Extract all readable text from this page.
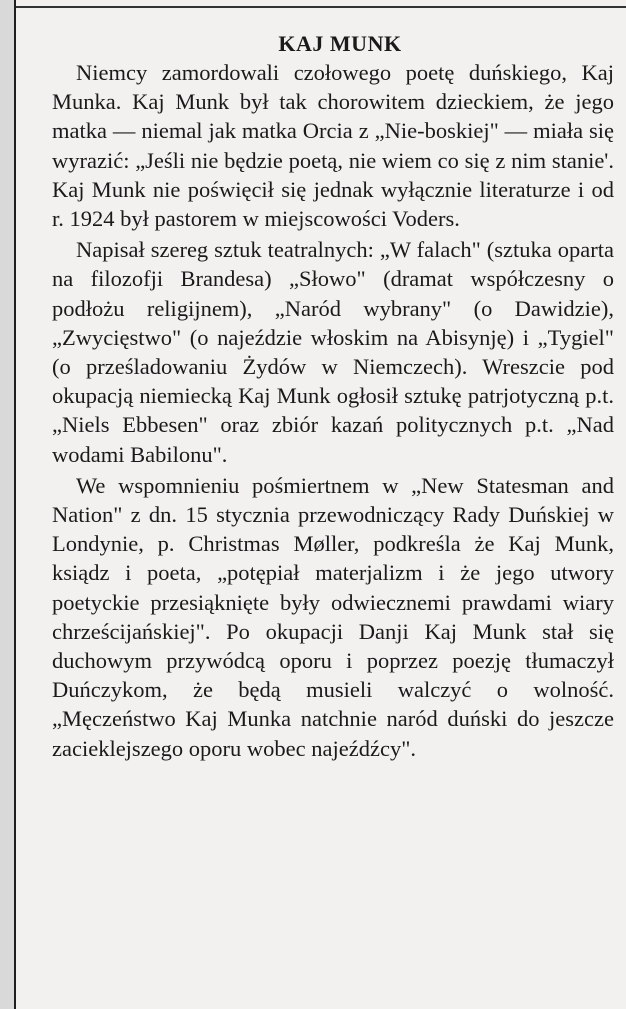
KAJ MUNK

Niemcy zamordowali czołowego poetę duńskiego, Kaj Munka. Kaj Munk był tak chorowitem dzieckiem, że jego matka — niemal jak matka Orcia z „Nie-boskiej" — miała się wyrazić: „Jeśli nie będzie poetą, nie wiem co się z nim stanie'. Kaj Munk nie poświęcił się jednak wyłącznie literaturze i od r. 1924 był pastorem w miejscowości Voders.

Napisał szereg sztuk teatralnych: „W falach" (sztuka oparta na filozofji Brandesa) „Słowo" (dramat współczesny o podłożu religijnem), „Naród wybrany" (o Dawidzie), „Zwycięstwo" (o najeździe włoskim na Abisynję) i „Tygiel" (o prześladowaniu Żydów w Niemczech). Wreszcie pod okupacją niemiecką Kaj Munk ogłosił sztukę patrjotyczną p.t. „Niels Ebbesen" oraz zbiór kazań politycznych p.t. „Nad wodami Babilonu".

We wspomnieniu pośmiertnem w „New Statesman and Nation" z dn. 15 stycznia przewodniczący Rady Duńskiej w Londynie, p. Christmas Møller, podkreśla że Kaj Munk, ksiądz i poeta, „potępiał materjalizm i że jego utwory poetyckie przesiąknięte były odwiecznemi prawdami wiary chrześcijańskiej". Po okupacji Danji Kaj Munk stał się duchowym przywódcą oporu i poprzez poezję tłumaczył Duńczykom, że będą musieli walczyć o wolność. „Męczeństwo Kaj Munka natchnie naród duński do jeszcze zacieklejszego oporu wobec najeźdźcy".
